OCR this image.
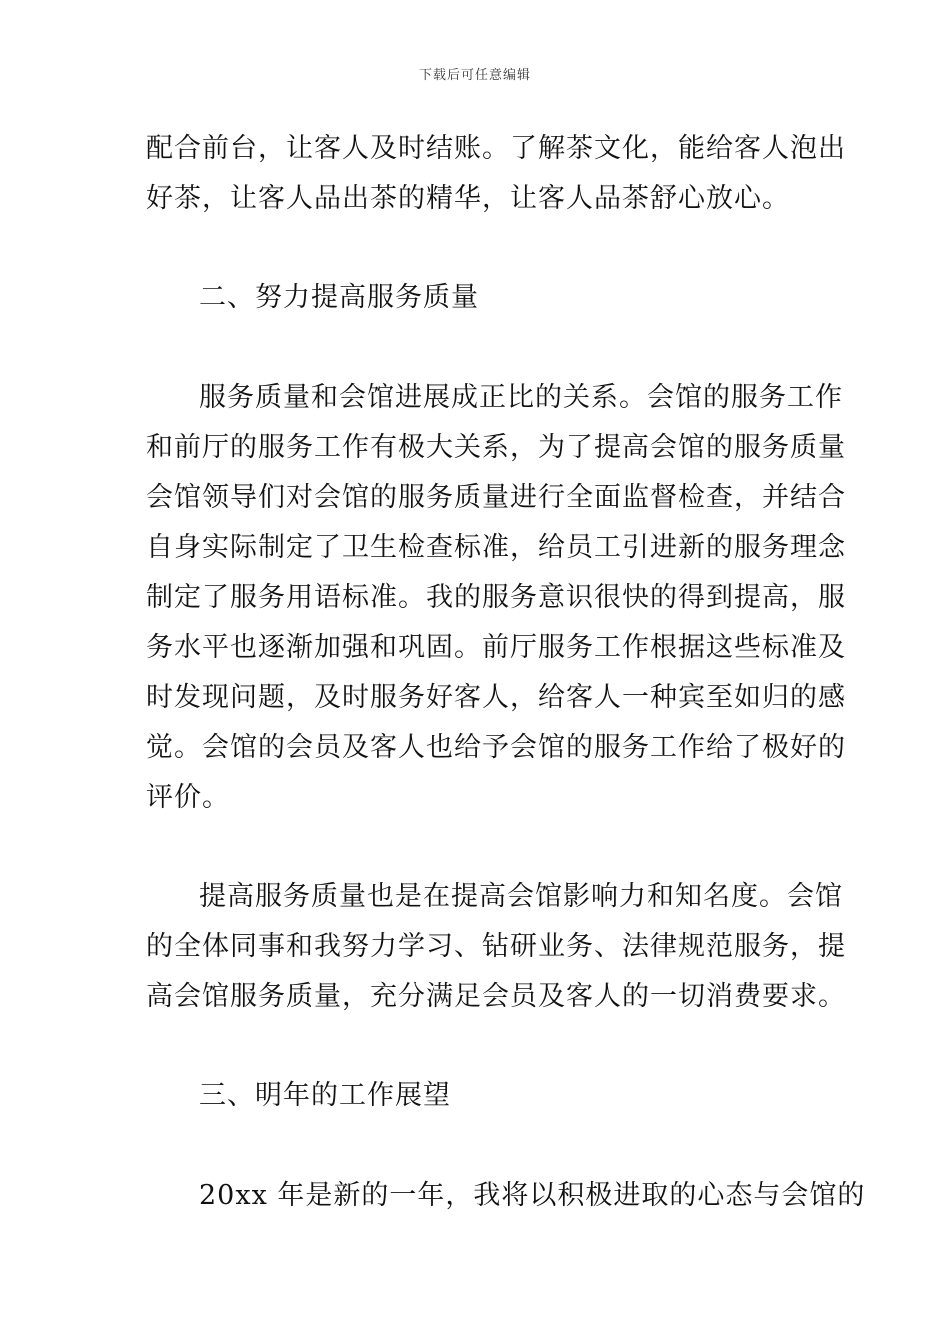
下载后可任意编辑
配合前台，让客人及时结账。了解茶文化，能给客人泡出
好茶，让客人品出茶的精华，让客人品茶舒心放心。
二、努力提高服务质量
服务质量和会馆进展成正比的关系。会馆的服务工作
和前厅的服务工作有极大关系，为了提高会馆的服务质量
会馆领导们对会馆的服务质量进行全面监督检查，并结合
自身实际制定了卫生检查标准，给员工引进新的服务理念
制定了服务用语标准。我的服务意识很快的得到提高，服
务水平也逐渐加强和巩固。前厅服务工作根据这些标准及
时发现问题，及时服务好客人，给客人一种宾至如归的感
觉。会馆的会员及客人也给予会馆的服务工作给了极好的
评价。
提高服务质量也是在提高会馆影响力和知名度。会馆
的全体同事和我努力学习、钻研业务、法律规范服务，提
高会馆服务质量，充分满足会员及客人的一切消费要求。
三、明年的工作展望
20xx 年是新的一年，我将以积极进取的心态与会馆的
